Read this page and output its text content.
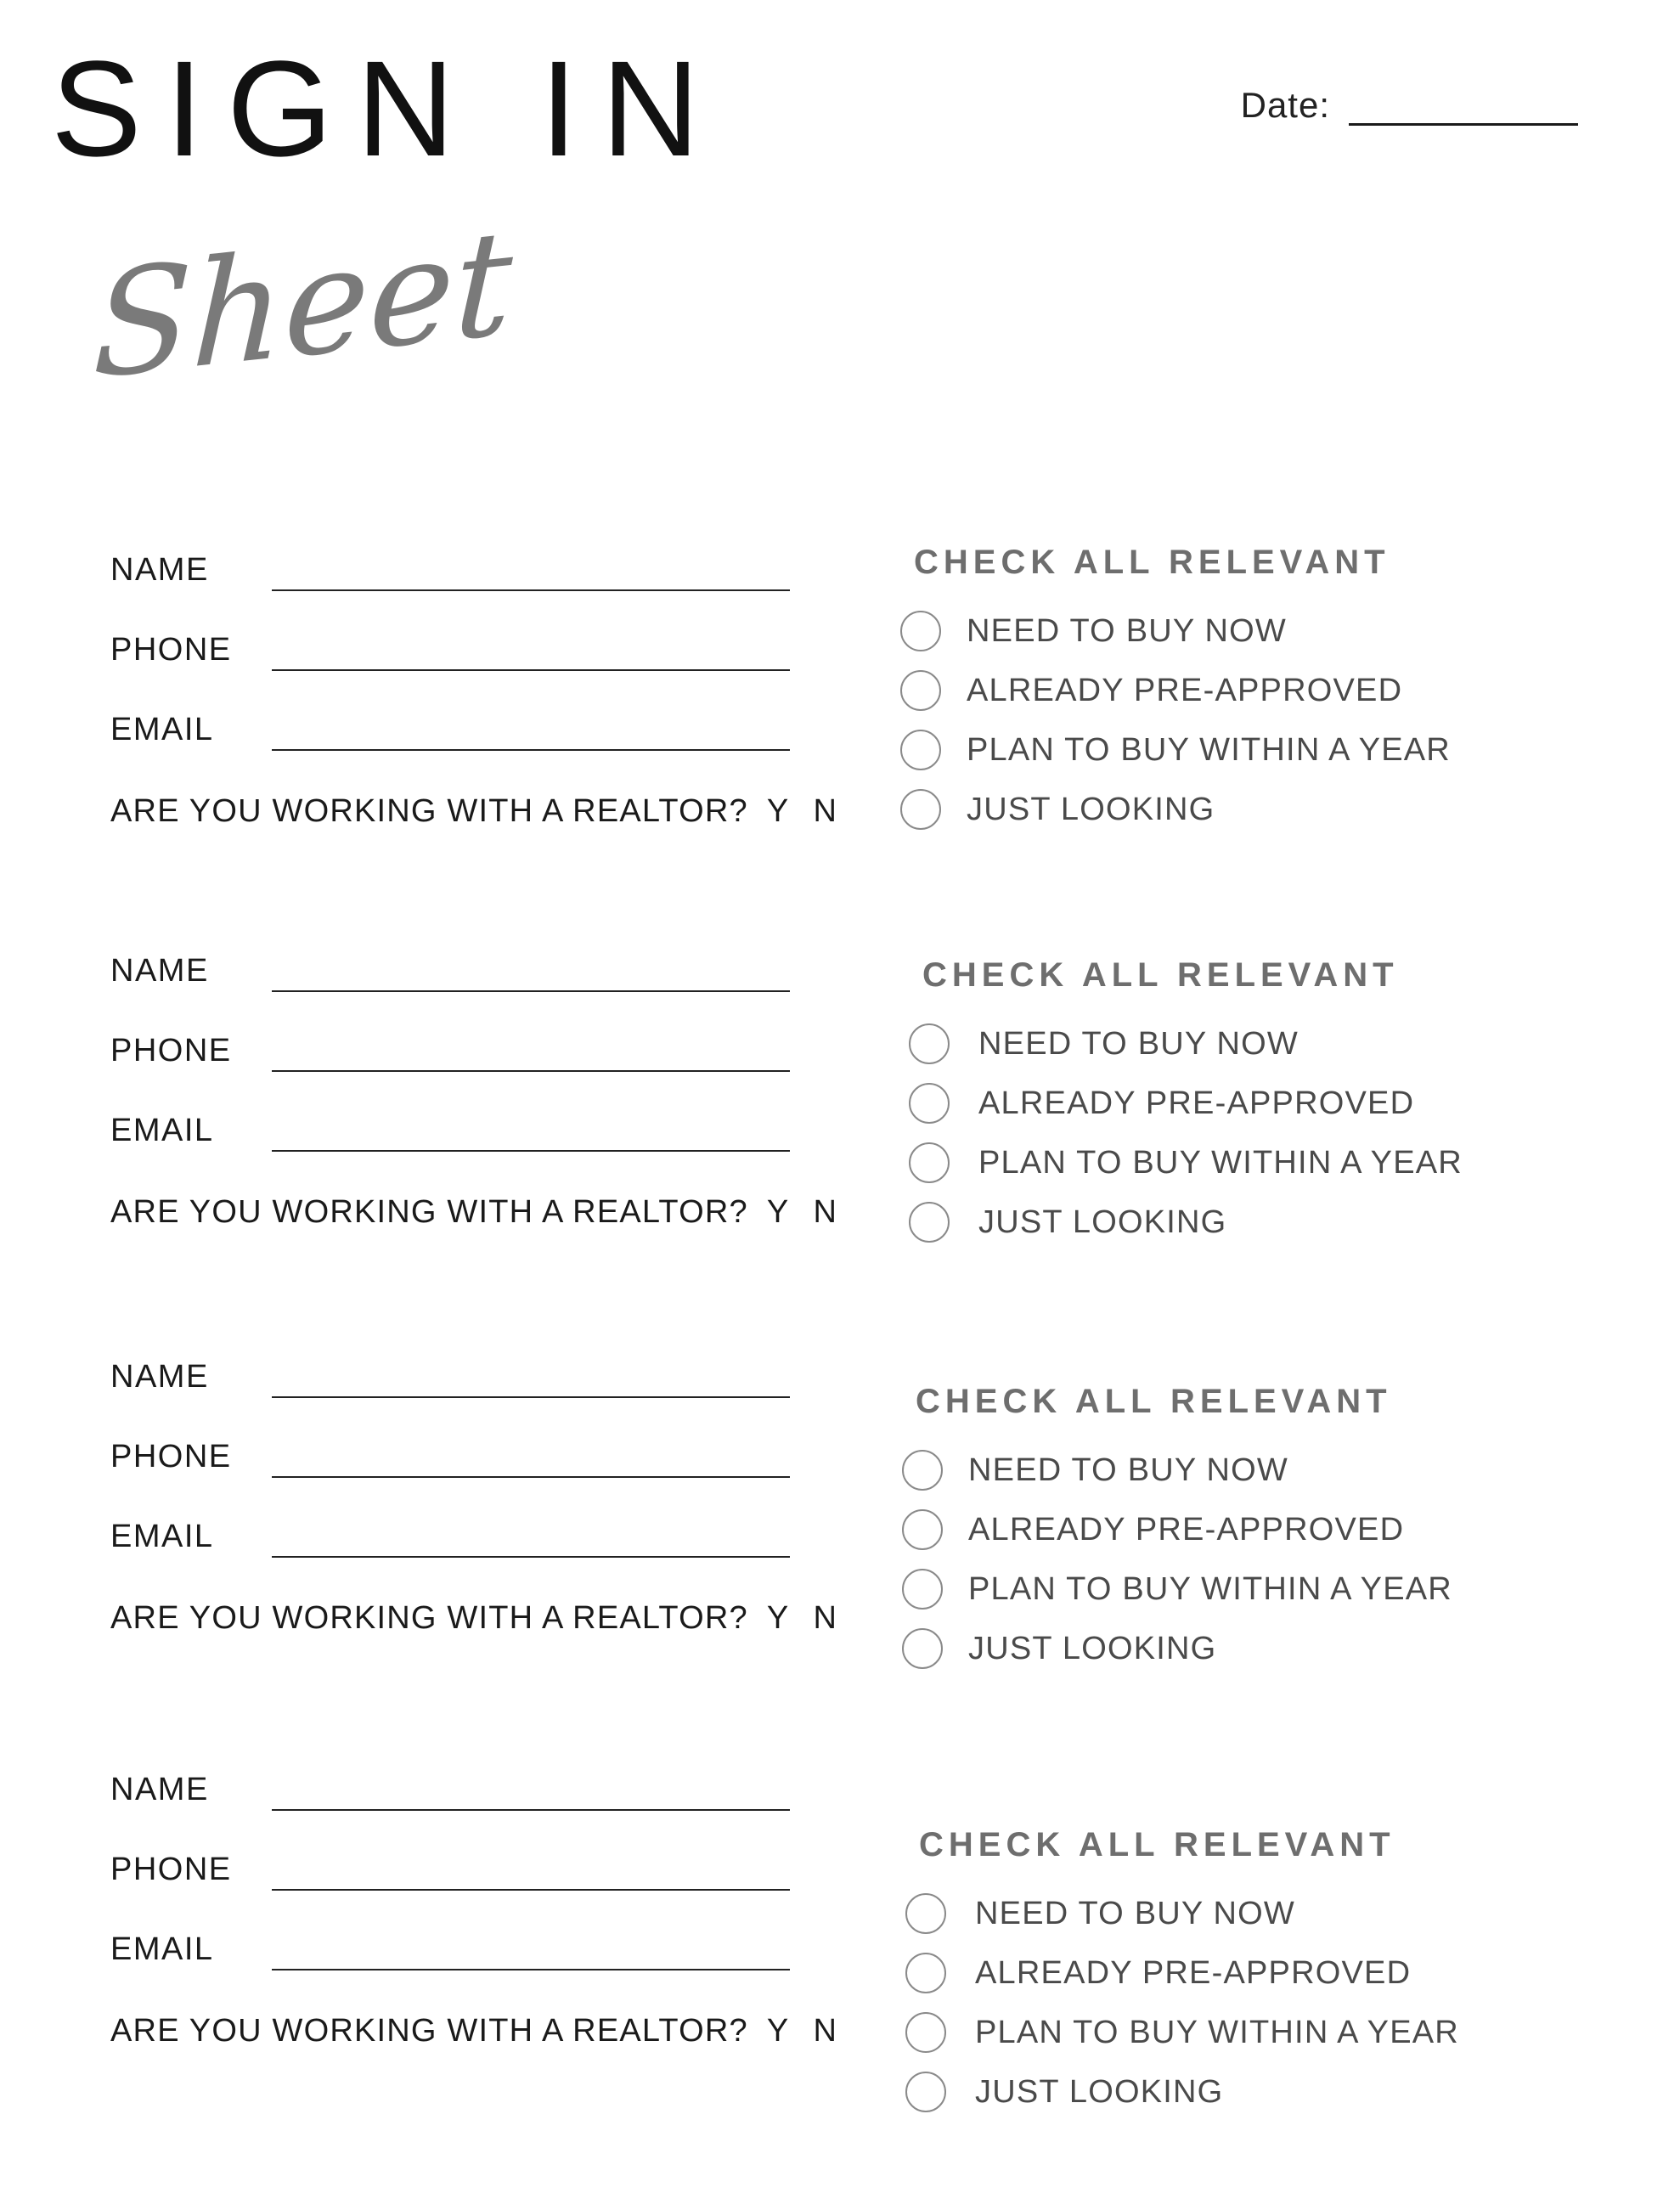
SIGN IN
Sheet
Date:
NAME
PHONE
EMAIL
ARE YOU WORKING WITH A REALTOR? Y N
NAME
PHONE
EMAIL
ARE YOU WORKING WITH A REALTOR? Y N
NAME
PHONE
EMAIL
ARE YOU WORKING WITH A REALTOR? Y N
NAME
PHONE
EMAIL
ARE YOU WORKING WITH A REALTOR? Y N
CHECK ALL RELEVANT
NEED TO BUY NOW
ALREADY PRE-APPROVED
PLAN TO BUY WITHIN A YEAR
JUST LOOKING
CHECK ALL RELEVANT
NEED TO BUY NOW
ALREADY PRE-APPROVED
PLAN TO BUY WITHIN A YEAR
JUST LOOKING
CHECK ALL RELEVANT
NEED TO BUY NOW
ALREADY PRE-APPROVED
PLAN TO BUY WITHIN A YEAR
JUST LOOKING
CHECK ALL RELEVANT
NEED TO BUY NOW
ALREADY PRE-APPROVED
PLAN TO BUY WITHIN A YEAR
JUST LOOKING
